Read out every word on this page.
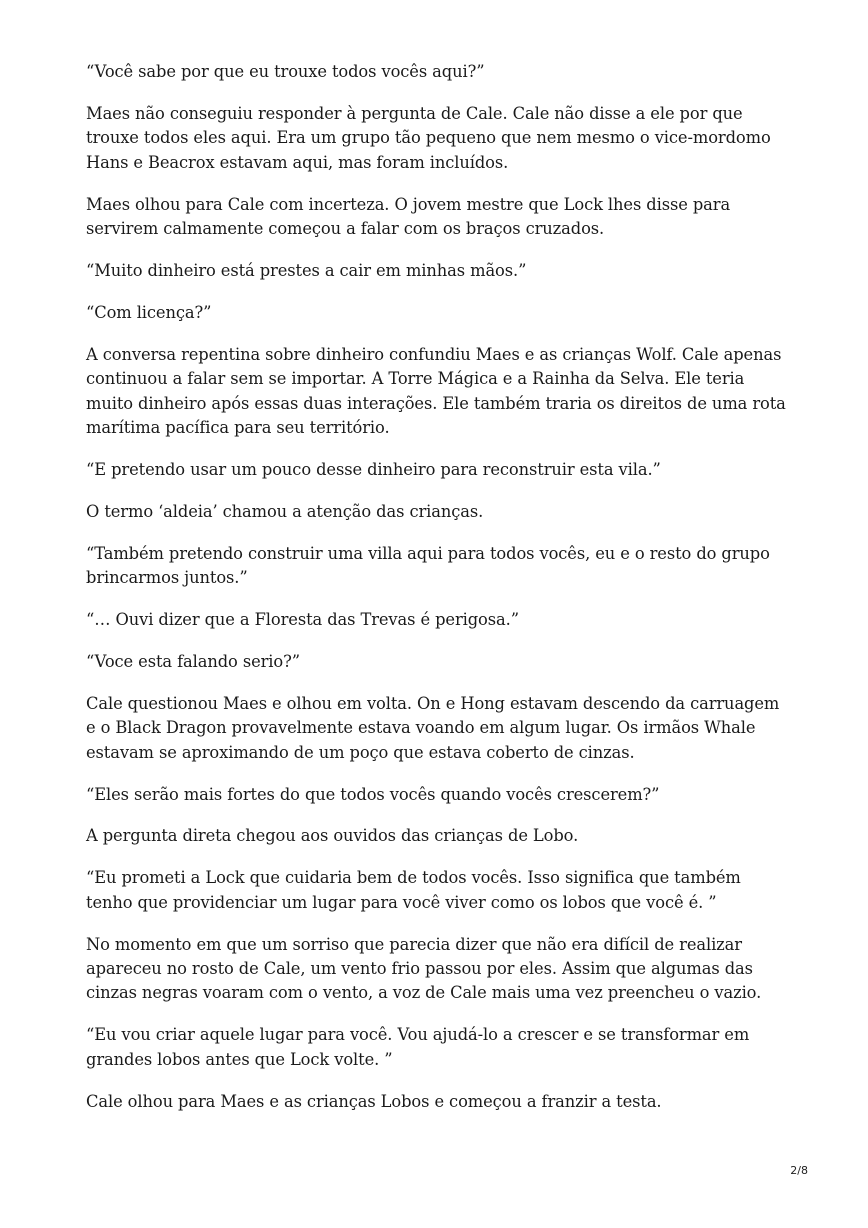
“Você sabe por que eu trouxe todos vocês aqui?”

Maes não conseguiu responder à pergunta de Cale. Cale não disse a ele por que trouxe todos eles aqui. Era um grupo tão pequeno que nem mesmo o vice-mordomo Hans e Beacrox estavam aqui, mas foram incluídos.

Maes olhou para Cale com incerteza. O jovem mestre que Lock lhes disse para servirem calmamente começou a falar com os braços cruzados.

“Muito dinheiro está prestes a cair em minhas mãos.”

“Com licença?”

A conversa repentina sobre dinheiro confundiu Maes e as crianças Wolf. Cale apenas continuou a falar sem se importar. A Torre Mágica e a Rainha da Selva. Ele teria muito dinheiro após essas duas interações. Ele também traria os direitos de uma rota marítima pacífica para seu território.

“E pretendo usar um pouco desse dinheiro para reconstruir esta vila.”

O termo ‘aldeia’ chamou a atenção das crianças.

“Também pretendo construir uma villa aqui para todos vocês, eu e o resto do grupo brincarmos juntos.”

“… Ouvi dizer que a Floresta das Trevas é perigosa.”

“Voce esta falando serio?”

Cale questionou Maes e olhou em volta. On e Hong estavam descendo da carruagem e o Black Dragon provavelmente estava voando em algum lugar. Os irmãos Whale estavam se aproximando de um poço que estava coberto de cinzas.

“Eles serão mais fortes do que todos vocês quando vocês crescerem?”

A pergunta direta chegou aos ouvidos das crianças de Lobo.

“Eu prometi a Lock que cuidaria bem de todos vocês. Isso significa que também tenho que providenciar um lugar para você viver como os lobos que você é. ”

No momento em que um sorriso que parecia dizer que não era difícil de realizar apareceu no rosto de Cale, um vento frio passou por eles. Assim que algumas das cinzas negras voaram com o vento, a voz de Cale mais uma vez preencheu o vazio.

“Eu vou criar aquele lugar para você. Vou ajudá-lo a crescer e se transformar em grandes lobos antes que Lock volte. ”

Cale olhou para Maes e as crianças Lobos e começou a franzir a testa.

2/8
